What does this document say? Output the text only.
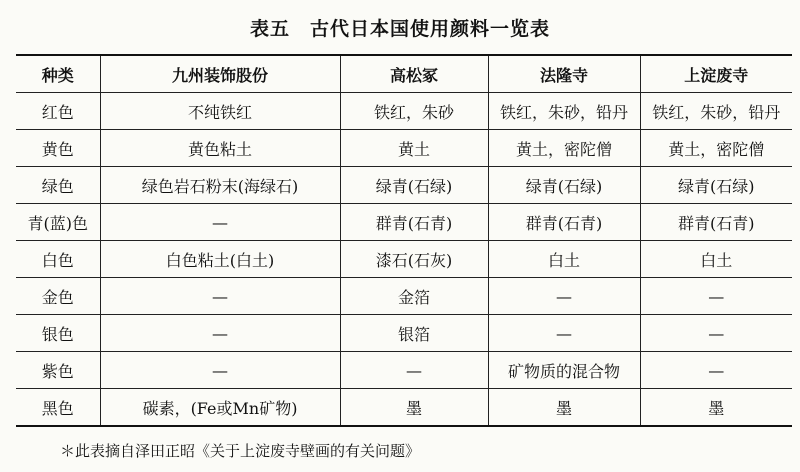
表五　古代日本国使用颜料一览表
种类	九州装饰股份	高松冢	法隆寺	上淀废寺
红色	不纯铁红	铁红，朱砂	铁红，朱砂，铅丹	铁红，朱砂，铅丹
黄色	黄色粘土	黄土	黄土，密陀僧	黄土，密陀僧
绿色	绿色岩石粉末(海绿石)	绿青(石绿)	绿青(石绿)	绿青(石绿)
青(蓝)色	—	群青(石青)	群青(石青)	群青(石青)
白色	白色粘土(白土)	漆石(石灰)	白土	白土
金色	—	金箔	—	—
银色	—	银箔	—	—
紫色	—	—	矿物质的混合物	—
黑色	碳素，(Fe或Mn矿物)	墨	墨	墨
＊此表摘自泽田正昭《关于上淀废寺壁画的有关问题》
